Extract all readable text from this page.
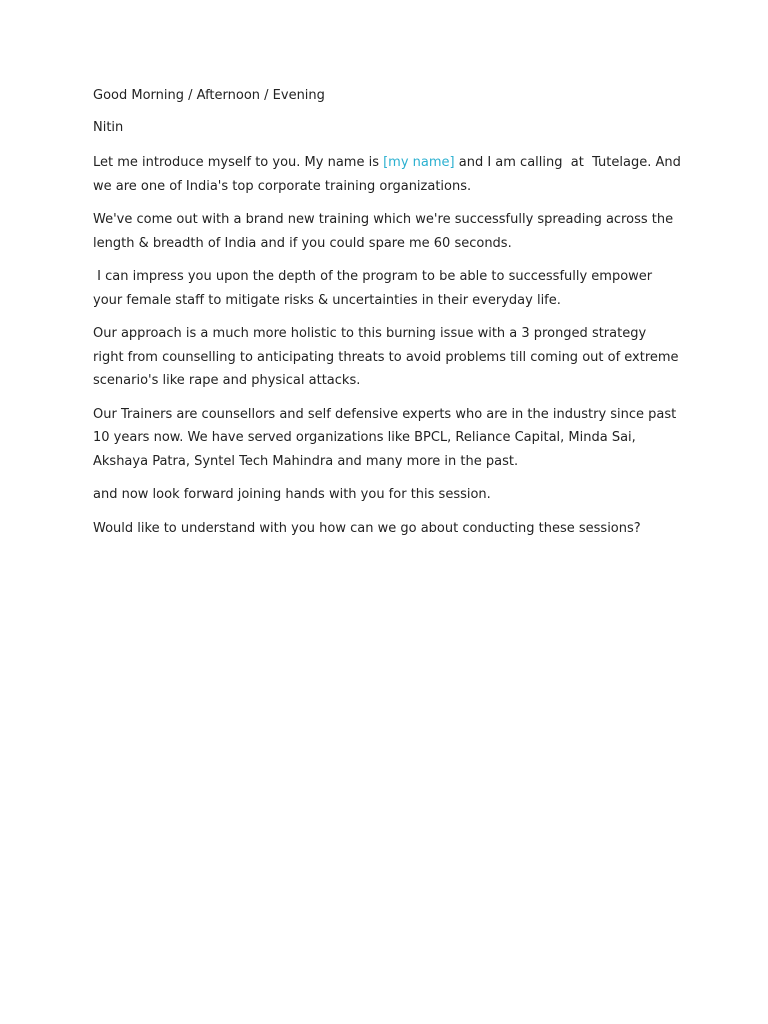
Good Morning / Afternoon / Evening

Nitin

Let me introduce myself to you. My name is [my name] and I am calling  at  Tutelage. And we are one of India's top corporate training organizations.

We've come out with a brand new training which we're successfully spreading across the length & breadth of India and if you could spare me 60 seconds.

I can impress you upon the depth of the program to be able to successfully empower your female staff to mitigate risks & uncertainties in their everyday life.

Our approach is a much more holistic to this burning issue with a 3 pronged strategy  right from counselling to anticipating threats to avoid problems till coming out of extreme scenario's like rape and physical attacks.

Our Trainers are counsellors and self defensive experts who are in the industry since past 10 years now. We have served organizations like BPCL, Reliance Capital, Minda Sai, Akshaya Patra, Syntel Tech Mahindra and many more in the past.

and now look forward joining hands with you for this session.

Would like to understand with you how can we go about conducting these sessions?
